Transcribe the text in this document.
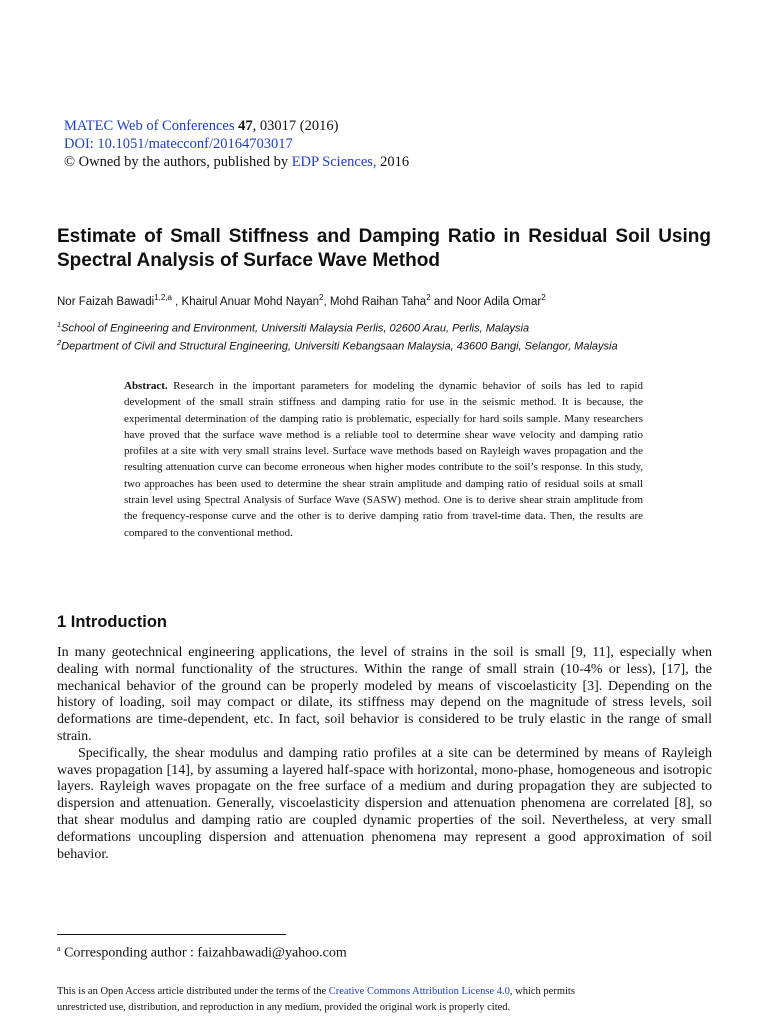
MATEC Web of Conferences 47, 03017 (2016)
DOI: 10.1051/matecconf/20164703017
© Owned by the authors, published by EDP Sciences, 2016
Estimate of Small Stiffness and Damping Ratio in Residual Soil Using Spectral Analysis of Surface Wave Method
Nor Faizah Bawadi$^{1,2,a}$ , Khairul Anuar Mohd Nayan$^2$, Mohd Raihan Taha$^2$ and Noor Adila Omar$^2$
$^1$School of Engineering and Environment, Universiti Malaysia Perlis, 02600 Arau, Perlis, Malaysia
$^2$Department of Civil and Structural Engineering, Universiti Kebangsaan Malaysia, 43600 Bangi, Selangor, Malaysia

Abstract. Research in the important parameters for modeling the dynamic behavior of soils has led to rapid development of the small strain stiffness and damping ratio for use in the seismic method. It is because, the experimental determination of the damping ratio is problematic, especially for hard soils sample. Many researchers have proved that the surface wave method is a reliable tool to determine shear wave velocity and damping ratio profiles at a site with very small strains level. Surface wave methods based on Rayleigh waves propagation and the resulting attenuation curve can become erroneous when higher modes contribute to the soil’s response. In this study, two approaches has been used to determine the shear strain amplitude and damping ratio of residual soils at small strain level using Spectral Analysis of Surface Wave (SASW) method. One is to derive shear strain amplitude from the frequency-response curve and the other is to derive damping ratio from travel-time data. Then, the results are compared to the conventional method.

1 Introduction

In many geotechnical engineering applications, the level of strains in the soil is small [9, 11], especially when dealing with normal functionality of the structures. Within the range of small strain (10-4% or less), [17], the mechanical behavior of the ground can be properly modeled by means of viscoelasticity [3]. Depending on the history of loading, soil may compact or dilate, its stiffness may depend on the magnitude of stress levels, soil deformations are time-dependent, etc. In fact, soil behavior is considered to be truly elastic in the range of small strain.

Specifically, the shear modulus and damping ratio profiles at a site can be determined by means of Rayleigh waves propagation [14], by assuming a layered half-space with horizontal, mono-phase, homogeneous and isotropic layers. Rayleigh waves propagate on the free surface of a medium and during propagation they are subjected to dispersion and attenuation. Generally, viscoelasticity dispersion and attenuation phenomena are correlated [8], so that shear modulus and damping ratio are coupled dynamic properties of the soil. Nevertheless, at very small deformations uncoupling dispersion and attenuation phenomena may represent a good approximation of soil behavior.

$^a$ Corresponding author : faizahbawadi@yahoo.com
This is an Open Access article distributed under the terms of the Creative Commons Attribution License 4.0, which permits
unrestricted use, distribution, and reproduction in any medium, provided the original work is properly cited.
